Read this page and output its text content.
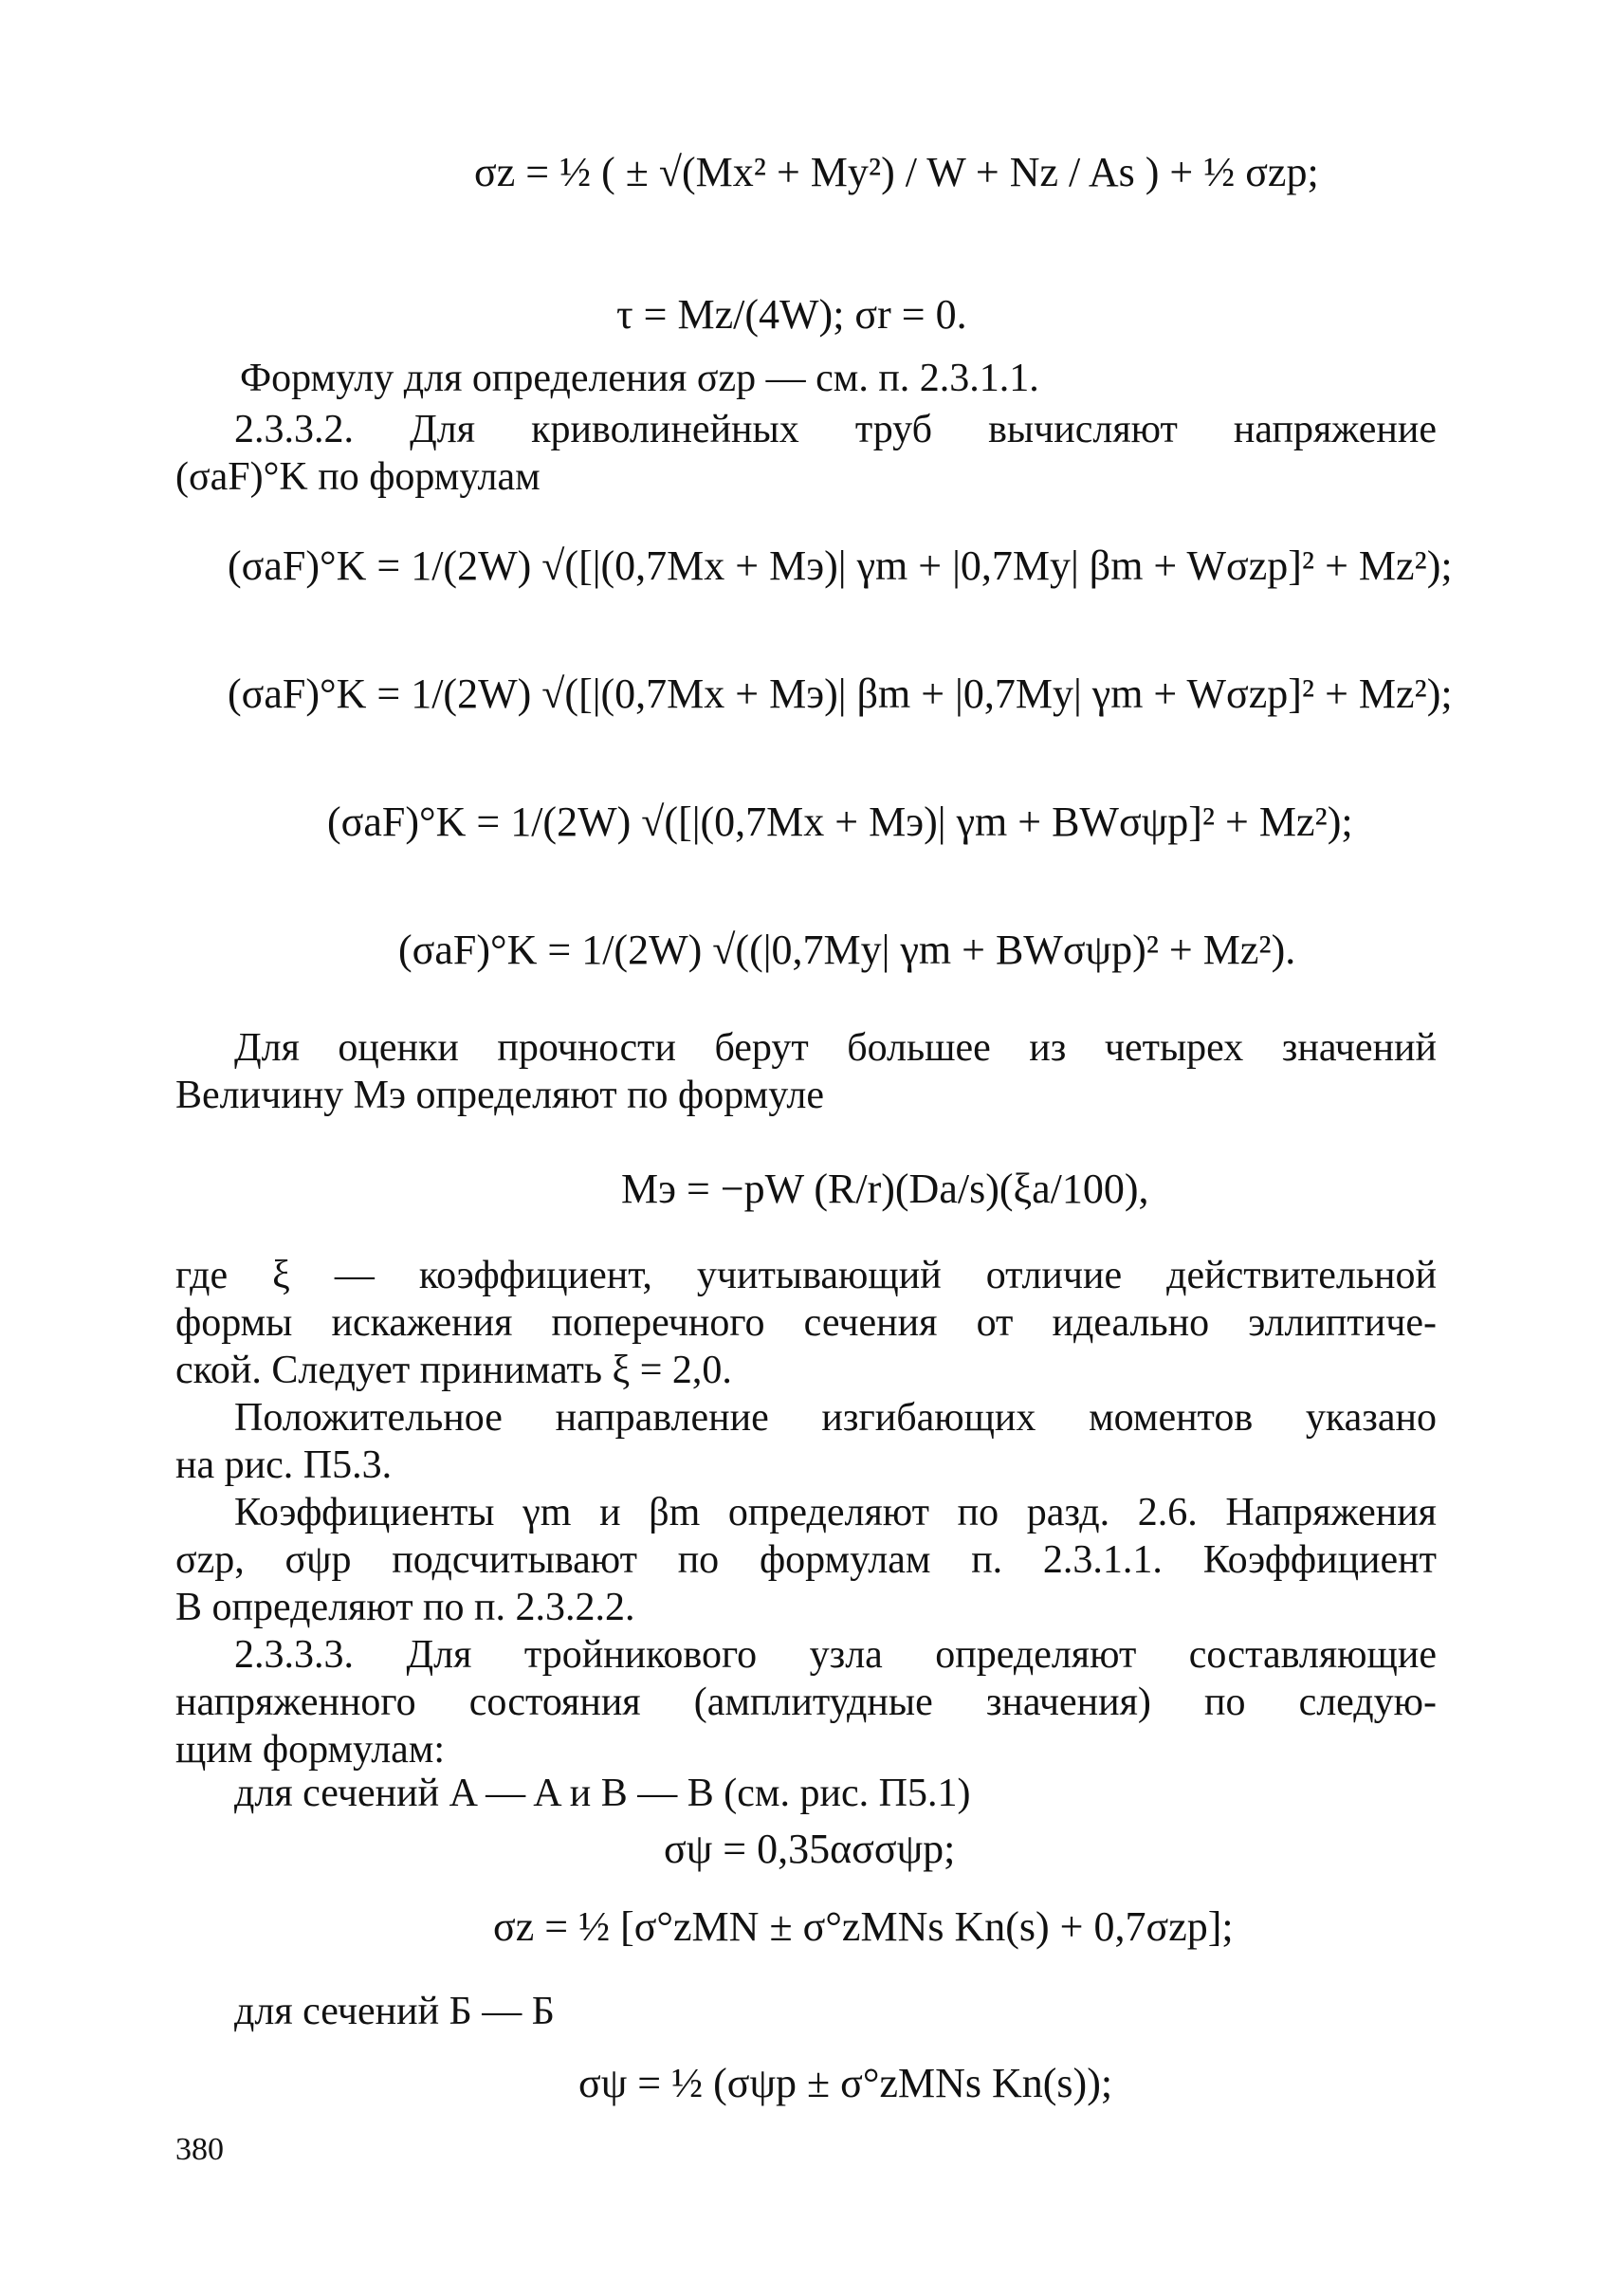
σz = ½ ( ± √(Mx² + My²) / W + Nz / As ) + ½ σzp;
τ = Mz/(4W); σr = 0.
Формулу для определения σzp — см. п. 2.3.1.1.
2.3.3.2. Для криволинейных труб вычисляют напряжение
(σaF)°K по формулам
(σaF)°K = 1/(2W) √([|(0,7Mx + Mэ)| γm + |0,7My| βm + Wσzp]² + Mz²);
(σaF)°K = 1/(2W) √([|(0,7Mx + Mэ)| βm + |0,7My| γm + Wσzp]² + Mz²);
(σaF)°K = 1/(2W) √([|(0,7Mx + Mэ)| γm + BWσψp]² + Mz²);
(σaF)°K = 1/(2W) √((|0,7My| γm + BWσψp)² + Mz²).
Для оценки прочности берут большее из четырех значений
Величину Mэ определяют по формуле
Mэ = −pW (R/r)(Da/s)(ξa/100),
где ξ — коэффициент, учитывающий отличие действительной
формы искажения поперечного сечения от идеально эллиптиче-
ской. Следует принимать ξ = 2,0.
Положительное направление изгибающих моментов указано
на рис. П5.3.
Коэффициенты γm и βm определяют по разд. 2.6. Напряжения
σzp, σψp подсчитывают по формулам п. 2.3.1.1. Коэффициент
B определяют по п. 2.3.2.2.
2.3.3.3. Для тройникового узла определяют составляющие
напряженного состояния (амплитудные значения) по следую-
щим формулам:
для сечений A — A и B — B (см. рис. П5.1)
σψ = 0,35ασσψp;
σz = ½ [σ°zMN ± σ°zMNs Kn(s) + 0,7σzp];
для сечений Б — Б
σψ = ½ (σψp ± σ°zMNs Kn(s));
380
